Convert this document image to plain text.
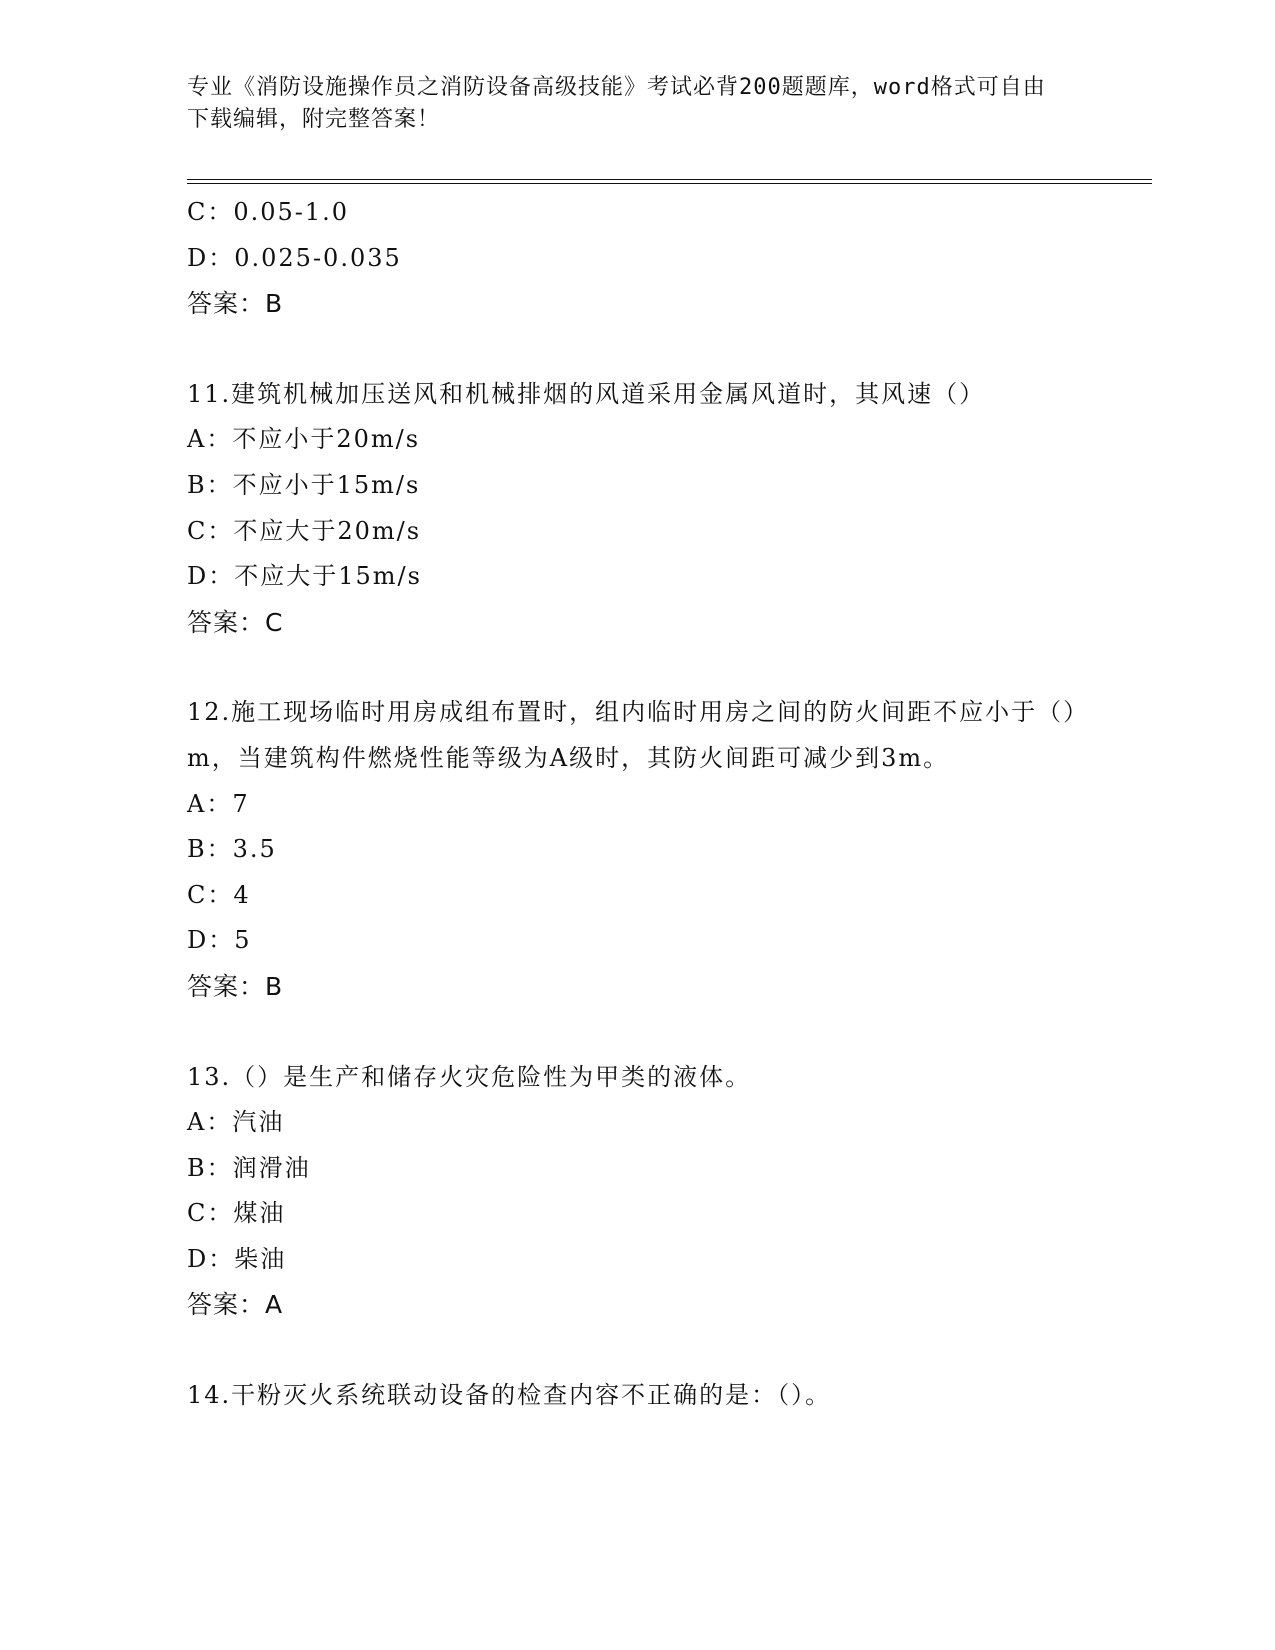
专业《消防设施操作员之消防设备高级技能》考试必背200题题库，word格式可自由下载编辑，附完整答案！
C：0.05-1.0
D：0.025-0.035
答案：B
11.建筑机械加压送风和机械排烟的风道采用金属风道时，其风速（）
A：不应小于20m/s
B：不应小于15m/s
C：不应大于20m/s
D：不应大于15m/s
答案：C
12.施工现场临时用房成组布置时，组内临时用房之间的防火间距不应小于（）m，当建筑构件燃烧性能等级为A级时，其防火间距可减少到3m。
A：7
B：3.5
C：4
D：5
答案：B
13.（）是生产和储存火灾危险性为甲类的液体。
A：汽油
B：润滑油
C：煤油
D：柴油
答案：A
14.干粉灭火系统联动设备的检查内容不正确的是：（）。
